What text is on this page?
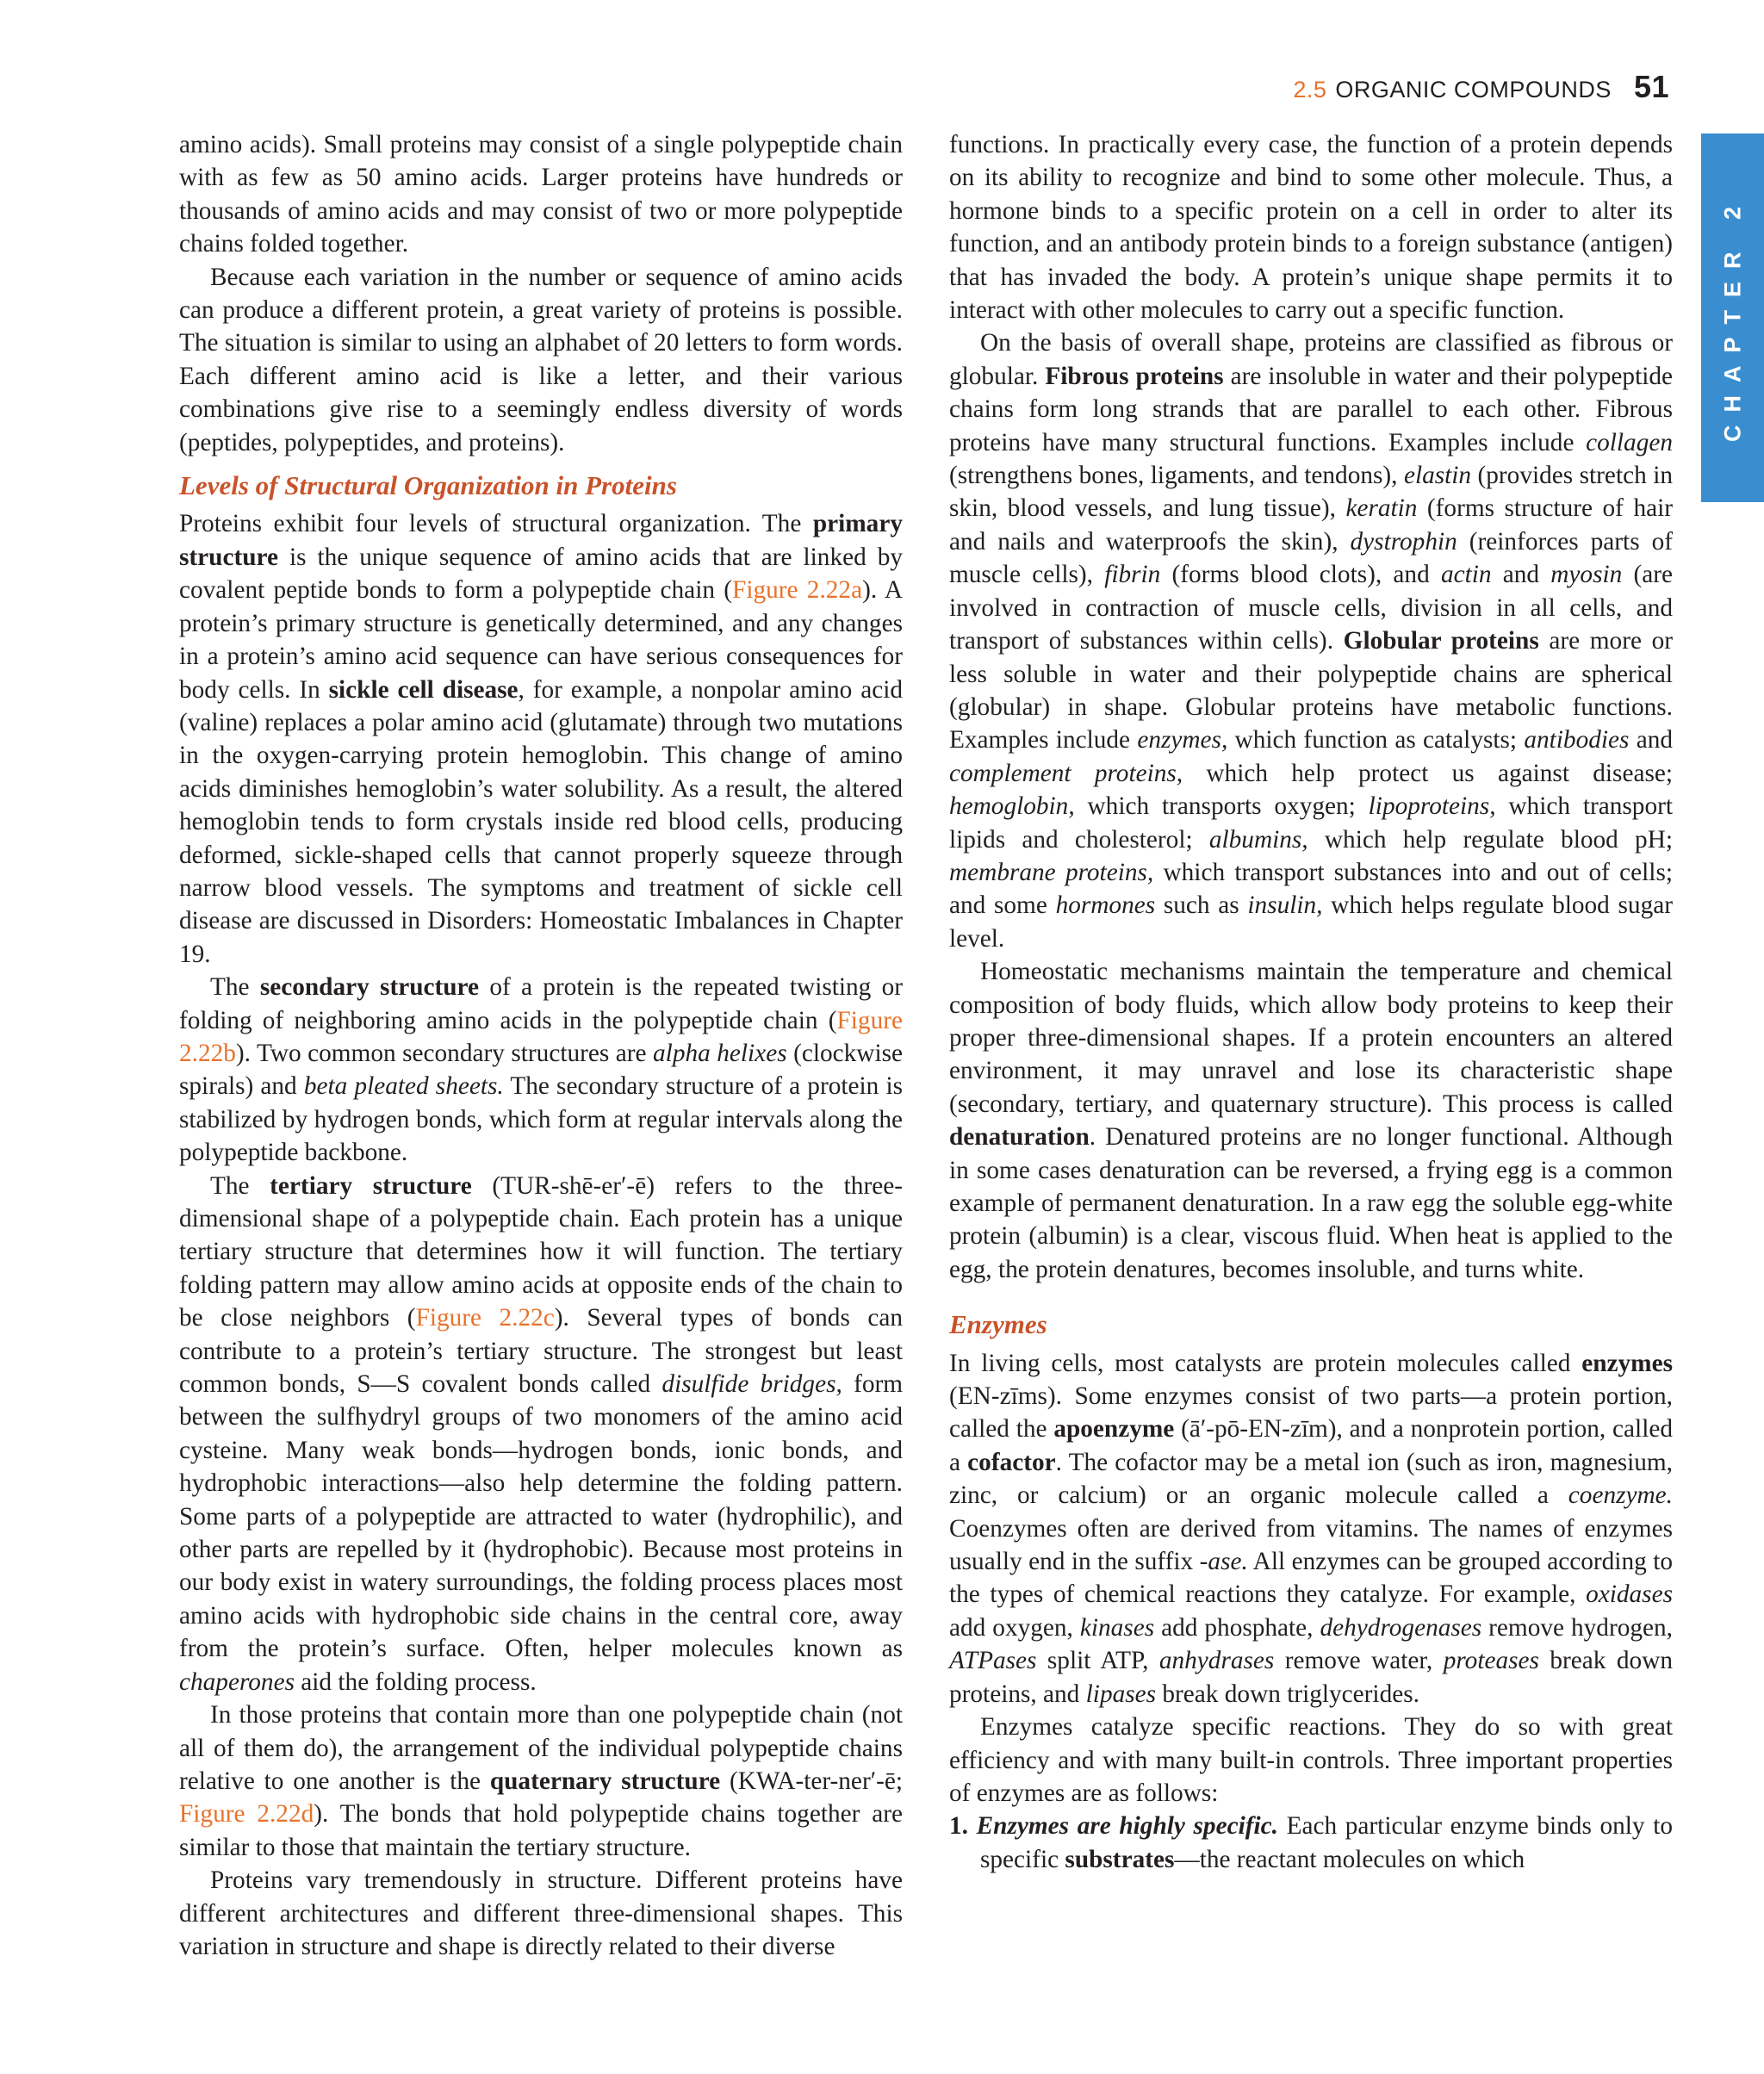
2.5 ORGANIC COMPOUNDS 51
CHAPTER 2

amino acids). Small proteins may consist of a single polypeptide chain with as few as 50 amino acids. Larger proteins have hundreds or thousands of amino acids and may consist of two or more polypeptide chains folded together.

Because each variation in the number or sequence of amino acids can produce a different protein, a great variety of proteins is possible. The situation is similar to using an alphabet of 20 letters to form words. Each different amino acid is like a letter, and their various combinations give rise to a seemingly endless diversity of words (peptides, polypeptides, and proteins).

Levels of Structural Organization in Proteins

Proteins exhibit four levels of structural organization. The primary structure is the unique sequence of amino acids that are linked by covalent peptide bonds to form a polypeptide chain (Figure 2.22a). A protein’s primary structure is genetically determined, and any changes in a protein’s amino acid sequence can have serious consequences for body cells. In sickle cell disease, for example, a nonpolar amino acid (valine) replaces a polar amino acid (glutamate) through two mutations in the oxygen-carrying protein hemoglobin. This change of amino acids diminishes hemoglobin’s water solubility. As a result, the altered hemoglobin tends to form crystals inside red blood cells, producing deformed, sickle-shaped cells that cannot properly squeeze through narrow blood vessels. The symptoms and treatment of sickle cell disease are discussed in Disorders: Homeostatic Imbalances in Chapter 19.

The secondary structure of a protein is the repeated twisting or folding of neighboring amino acids in the polypeptide chain (Figure 2.22b). Two common secondary structures are alpha helixes (clockwise spirals) and beta pleated sheets. The secondary structure of a protein is stabilized by hydrogen bonds, which form at regular intervals along the polypeptide backbone.

The tertiary structure (TUR-shē-er′-ē) refers to the three-dimensional shape of a polypeptide chain. Each protein has a unique tertiary structure that determines how it will function. The tertiary folding pattern may allow amino acids at opposite ends of the chain to be close neighbors (Figure 2.22c). Several types of bonds can contribute to a protein’s tertiary structure. The strongest but least common bonds, S—S covalent bonds called disulfide bridges, form between the sulfhydryl groups of two monomers of the amino acid cysteine. Many weak bonds—hydrogen bonds, ionic bonds, and hydrophobic interactions—also help determine the folding pattern. Some parts of a polypeptide are attracted to water (hydrophilic), and other parts are repelled by it (hydrophobic). Because most proteins in our body exist in watery surroundings, the folding process places most amino acids with hydrophobic side chains in the central core, away from the protein’s surface. Often, helper molecules known as chaperones aid the folding process.

In those proteins that contain more than one polypeptide chain (not all of them do), the arrangement of the individual polypeptide chains relative to one another is the quaternary structure (KWA-ter-ner′-ē; Figure 2.22d). The bonds that hold polypeptide chains together are similar to those that maintain the tertiary structure.

Proteins vary tremendously in structure. Different proteins have different architectures and different three-dimensional shapes. This variation in structure and shape is directly related to their diverse

functions. In practically every case, the function of a protein depends on its ability to recognize and bind to some other molecule. Thus, a hormone binds to a specific protein on a cell in order to alter its function, and an antibody protein binds to a foreign substance (antigen) that has invaded the body. A protein’s unique shape permits it to interact with other molecules to carry out a specific function.

On the basis of overall shape, proteins are classified as fibrous or globular. Fibrous proteins are insoluble in water and their polypeptide chains form long strands that are parallel to each other. Fibrous proteins have many structural functions. Examples include collagen (strengthens bones, ligaments, and tendons), elastin (provides stretch in skin, blood vessels, and lung tissue), keratin (forms structure of hair and nails and waterproofs the skin), dystrophin (reinforces parts of muscle cells), fibrin (forms blood clots), and actin and myosin (are involved in contraction of muscle cells, division in all cells, and transport of substances within cells). Globular proteins are more or less soluble in water and their polypeptide chains are spherical (globular) in shape. Globular proteins have metabolic functions. Examples include enzymes, which function as catalysts; antibodies and complement proteins, which help protect us against disease; hemoglobin, which transports oxygen; lipoproteins, which transport lipids and cholesterol; albumins, which help regulate blood pH; membrane proteins, which transport substances into and out of cells; and some hormones such as insulin, which helps regulate blood sugar level.

Homeostatic mechanisms maintain the temperature and chemical composition of body fluids, which allow body proteins to keep their proper three-dimensional shapes. If a protein encounters an altered environment, it may unravel and lose its characteristic shape (secondary, tertiary, and quaternary structure). This process is called denaturation. Denatured proteins are no longer functional. Although in some cases denaturation can be reversed, a frying egg is a common example of permanent denaturation. In a raw egg the soluble egg-white protein (albumin) is a clear, viscous fluid. When heat is applied to the egg, the protein denatures, becomes insoluble, and turns white.

Enzymes

In living cells, most catalysts are protein molecules called enzymes (EN-zīms). Some enzymes consist of two parts—a protein portion, called the apoenzyme (ā′-pō-EN-zīm), and a nonprotein portion, called a cofactor. The cofactor may be a metal ion (such as iron, magnesium, zinc, or calcium) or an organic molecule called a coenzyme. Coenzymes often are derived from vitamins. The names of enzymes usually end in the suffix -ase. All enzymes can be grouped according to the types of chemical reactions they catalyze. For example, oxidases add oxygen, kinases add phosphate, dehydrogenases remove hydrogen, ATPases split ATP, anhydrases remove water, proteases break down proteins, and lipases break down triglycerides.

Enzymes catalyze specific reactions. They do so with great efficiency and with many built-in controls. Three important properties of enzymes are as follows:

1. Enzymes are highly specific. Each particular enzyme binds only to specific substrates—the reactant molecules on which
